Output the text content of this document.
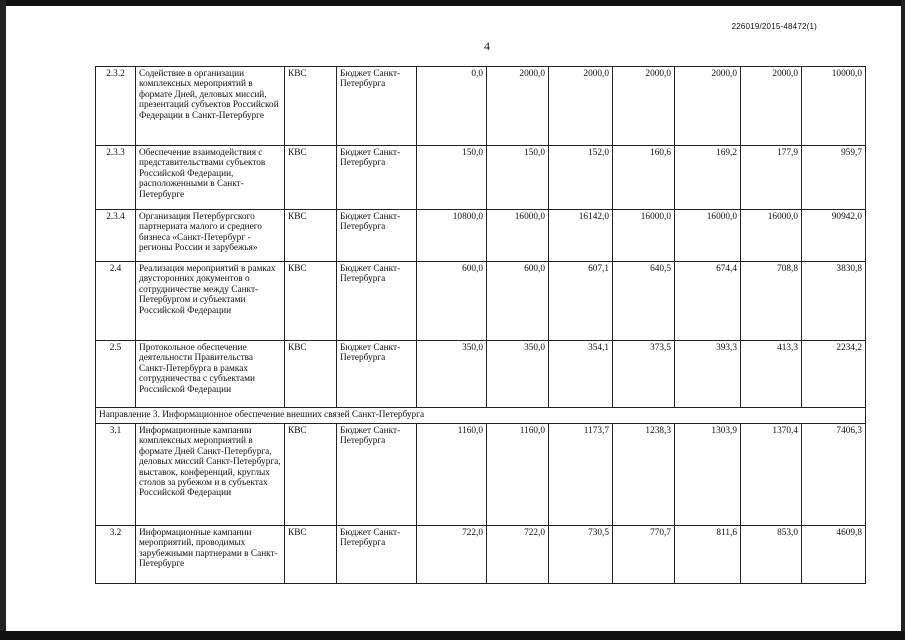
226019/2015-48472(1)
4
2.3.2	Содействие в организации комплексных мероприятий в формате Дней, деловых миссий, презентаций субъектов Российской Федерации в Санкт-Петербурге	КВС	Бюджет Санкт-Петербурга	0,0	2000,0	2000,0	2000,0	2000,0	2000,0	10000,0
2.3.3	Обеспечение взаимодействия с представительствами субъектов Российской Федерации, расположенными в Санкт-Петербурге	КВС	Бюджет Санкт-Петербурга	150,0	150,0	152,0	160,6	169,2	177,9	959,7
2.3.4	Организация Петербургского партнериата малого и среднего бизнеса «Санкт-Петербург - регионы России и зарубежья»	КВС	Бюджет Санкт-Петербурга	10800,0	16000,0	16142,0	16000,0	16000,0	16000,0	90942,0
2.4	Реализация мероприятий в рамках двусторонних документов о сотрудничестве между Санкт-Петербургом и субъектами Российской Федерации	КВС	Бюджет Санкт-Петербурга	600,0	600,0	607,1	640,5	674,4	708,8	3830,8
2.5	Протокольное обеспечение деятельности Правительства Санкт-Петербурга в рамках сотрудничества с субъектами Российской Федерации	КВС	Бюджет Санкт-Петербурга	350,0	350,0	354,1	373,5	393,3	413,3	2234,2
Направление 3. Информационное обеспечение внешних связей Санкт-Петербурга										
3.1	Информационные кампании комплексных мероприятий в формате Дней Санкт-Петербурга, деловых миссий Санкт-Петербурга, выставок, конференций, круглых столов за рубежом и в субъектах Российской Федерации	КВС	Бюджет Санкт-Петербурга	1160,0	1160,0	1173,7	1238,3	1303,9	1370,4	7406,3
3.2	Информационные кампании мероприятий, проводимых зарубежными партнерами в Санкт-Петербурге	КВС	Бюджет Санкт-Петербурга	722,0	722,0	730,5	770,7	811,6	853,0	4609,8
